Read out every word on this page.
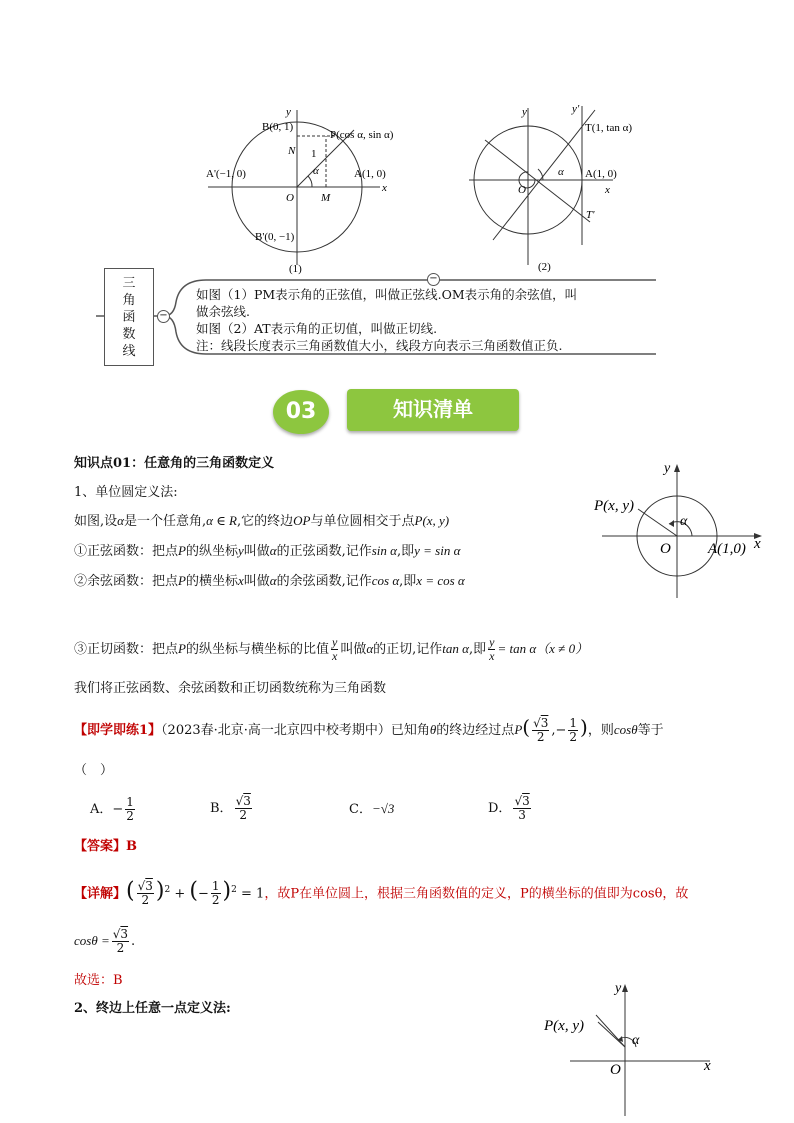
y
x
B(0, 1)
P(cos α, sin α)
N 1
α
A'(−1, 0)	A(1, 0)
O M
B'(0, −1)
(1)
y'
y
T(1, tan α)
α A(1, 0)
O	x
T'
(2)
三
角
函
数
线
−
−
如图（1）PM表示角的正弦值，叫做正弦线.OM表示角的余弦值，叫
做余弦线.
如图（2）AT表示角的正切值，叫做正切线.
注：线段长度表示三角函数值大小，线段方向表示三角函数值正负.
03	知识清单
知识点01：任意角的三角函数定义
1、单位圆定义法:
如图,设α是一个任意角,α ∈ R,它的终边OP与单位圆相交于点P(x, y)
①正弦函数：把点P的纵坐标y叫做α的正弦函数,记作sin α,即y = sin α
②余弦函数：把点P的横坐标x叫做α的余弦函数,记作cos α,即x = cos α
y
P(x, y)
α
O A(1,0) x
③正切函数：把点P的纵坐标与横坐标的比值 $\frac{y}{x}$ 叫做α的正切,记作tan α,即 $\frac{y}{x} = \tan \alpha(x \ne 0)$
我们将正弦函数、余弦函数和正切函数统称为三角函数
【即学即练1】（2023春·北京·高一北京四中校考期中）已知角θ的终边经过点$P( \frac{√3}{2}$ ,− $\frac{1}{2}$ )，则cosθ等于
（　）
A．− $\frac{1}{2}$	B． $\frac{√3}{2}$	C．−√3	D． $\frac{√3}{3}$
【答案】B
【详解】( $\frac{√3}{2} )^2$ + (− $\frac{1}{2} )^2 = 1$，故P在单位圆上，根据三角函数值的定义，P的横坐标的值即为cosθ，故
$\cos\theta = \frac{√3}{2}$ .
故选：B
2、终边上任意一点定义法:
y
P(x, y)
α
O	x
